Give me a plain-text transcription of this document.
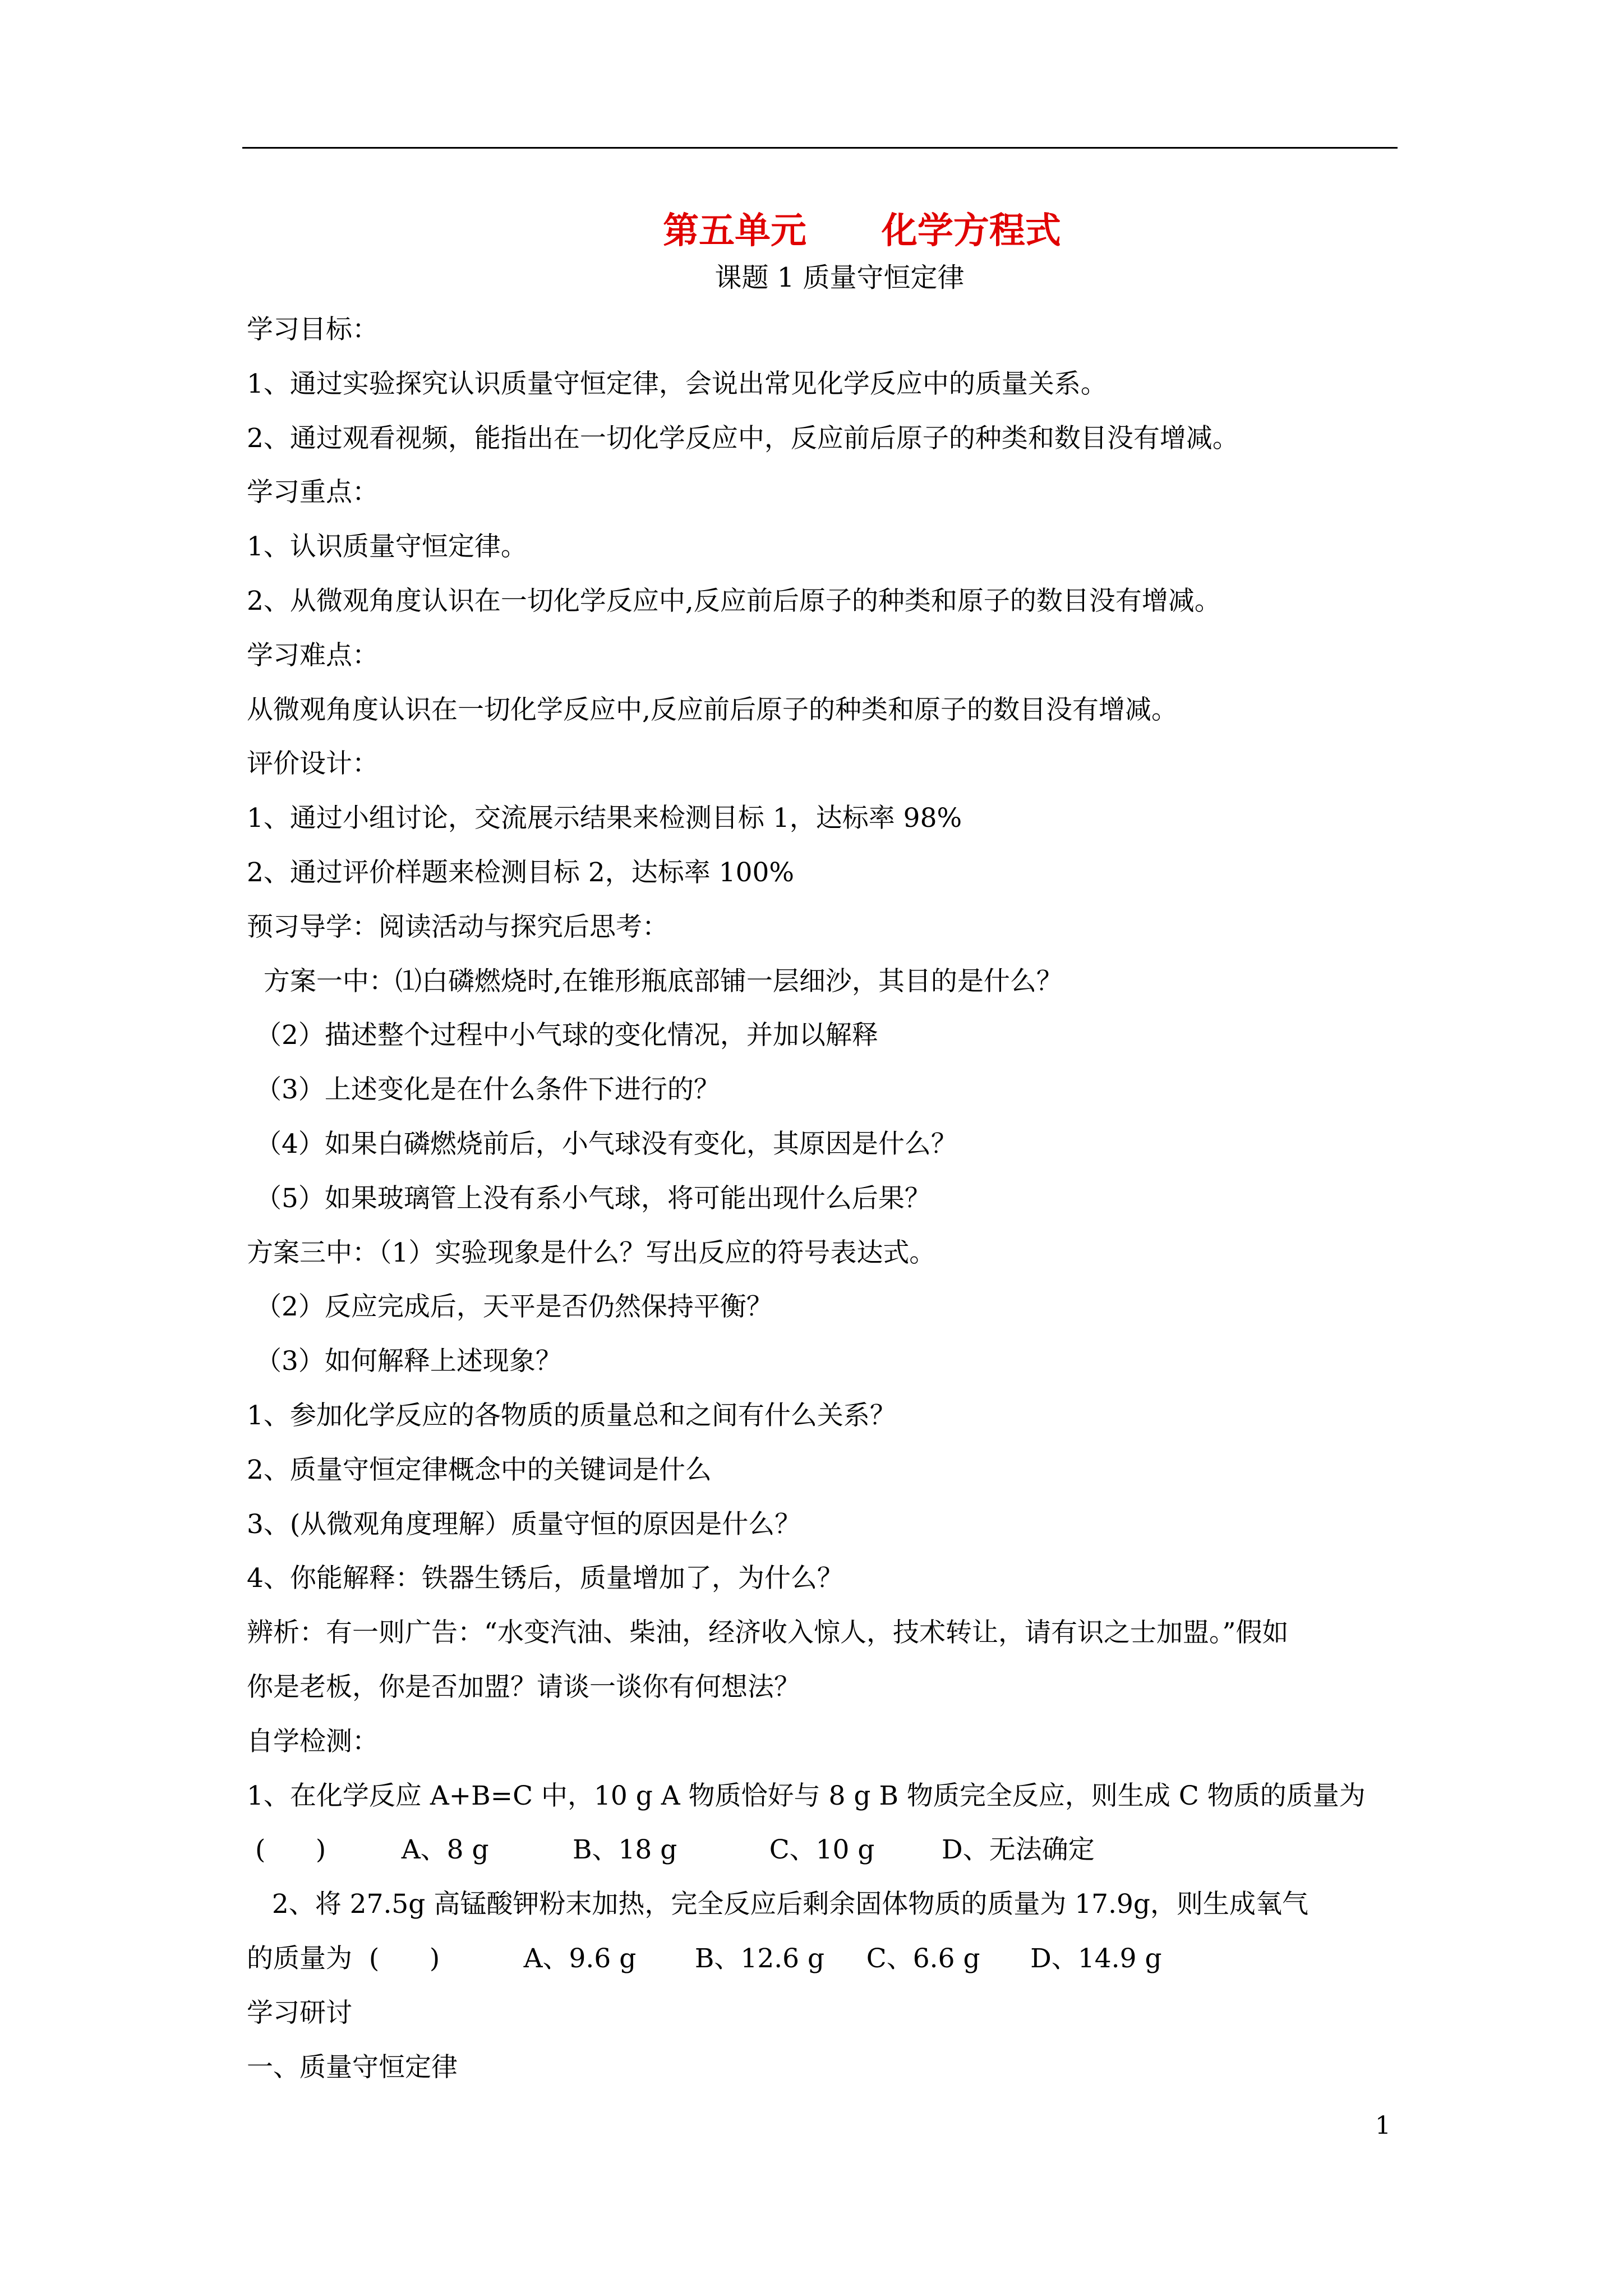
第五单元      化学方程式
课题 1 质量守恒定律
学习目标：
1、通过实验探究认识质量守恒定律，会说出常见化学反应中的质量关系。
2、通过观看视频，能指出在一切化学反应中，反应前后原子的种类和数目没有增减。
学习重点：
1、认识质量守恒定律。
2、从微观角度认识在一切化学反应中,反应前后原子的种类和原子的数目没有增减。
学习难点：
从微观角度认识在一切化学反应中,反应前后原子的种类和原子的数目没有增减。
评价设计：
1、通过小组讨论，交流展示结果来检测目标 1，达标率 98%
2、通过评价样题来检测目标 2，达标率 100%
预习导学：阅读活动与探究后思考：
方案一中：⑴白磷燃烧时,在锥形瓶底部铺一层细沙，其目的是什么？
（2）描述整个过程中小气球的变化情况，并加以解释
（3）上述变化是在什么条件下进行的？
（4）如果白磷燃烧前后，小气球没有变化，其原因是什么？
（5）如果玻璃管上没有系小气球，将可能出现什么后果？
方案三中：（1）实验现象是什么？写出反应的符号表达式。
（2）反应完成后，天平是否仍然保持平衡？
（3）如何解释上述现象？
1、参加化学反应的各物质的质量总和之间有什么关系？
2、质量守恒定律概念中的关键词是什么
3、(从微观角度理解）质量守恒的原因是什么？
4、你能解释：铁器生锈后，质量增加了，为什么？
辨析：有一则广告：“水变汽油、柴油，经济收入惊人，技术转让，请有识之士加盟。”假如
你是老板，你是否加盟？请谈一谈你有何想法？
自学检测：
1、在化学反应 A+B=C 中，10 g A 物质恰好与 8 g B 物质完全反应，则生成 C 物质的质量为
(      )         A、8 g          B、18 g           C、10 g        D、无法确定
2、将 27.5g 高锰酸钾粉末加热，完全反应后剩余固体物质的质量为 17.9g，则生成氧气
的质量为  (      )          A、9.6 g       B、12.6 g     C、6.6 g      D、14.9 g
学习研讨
一、质量守恒定律
1
